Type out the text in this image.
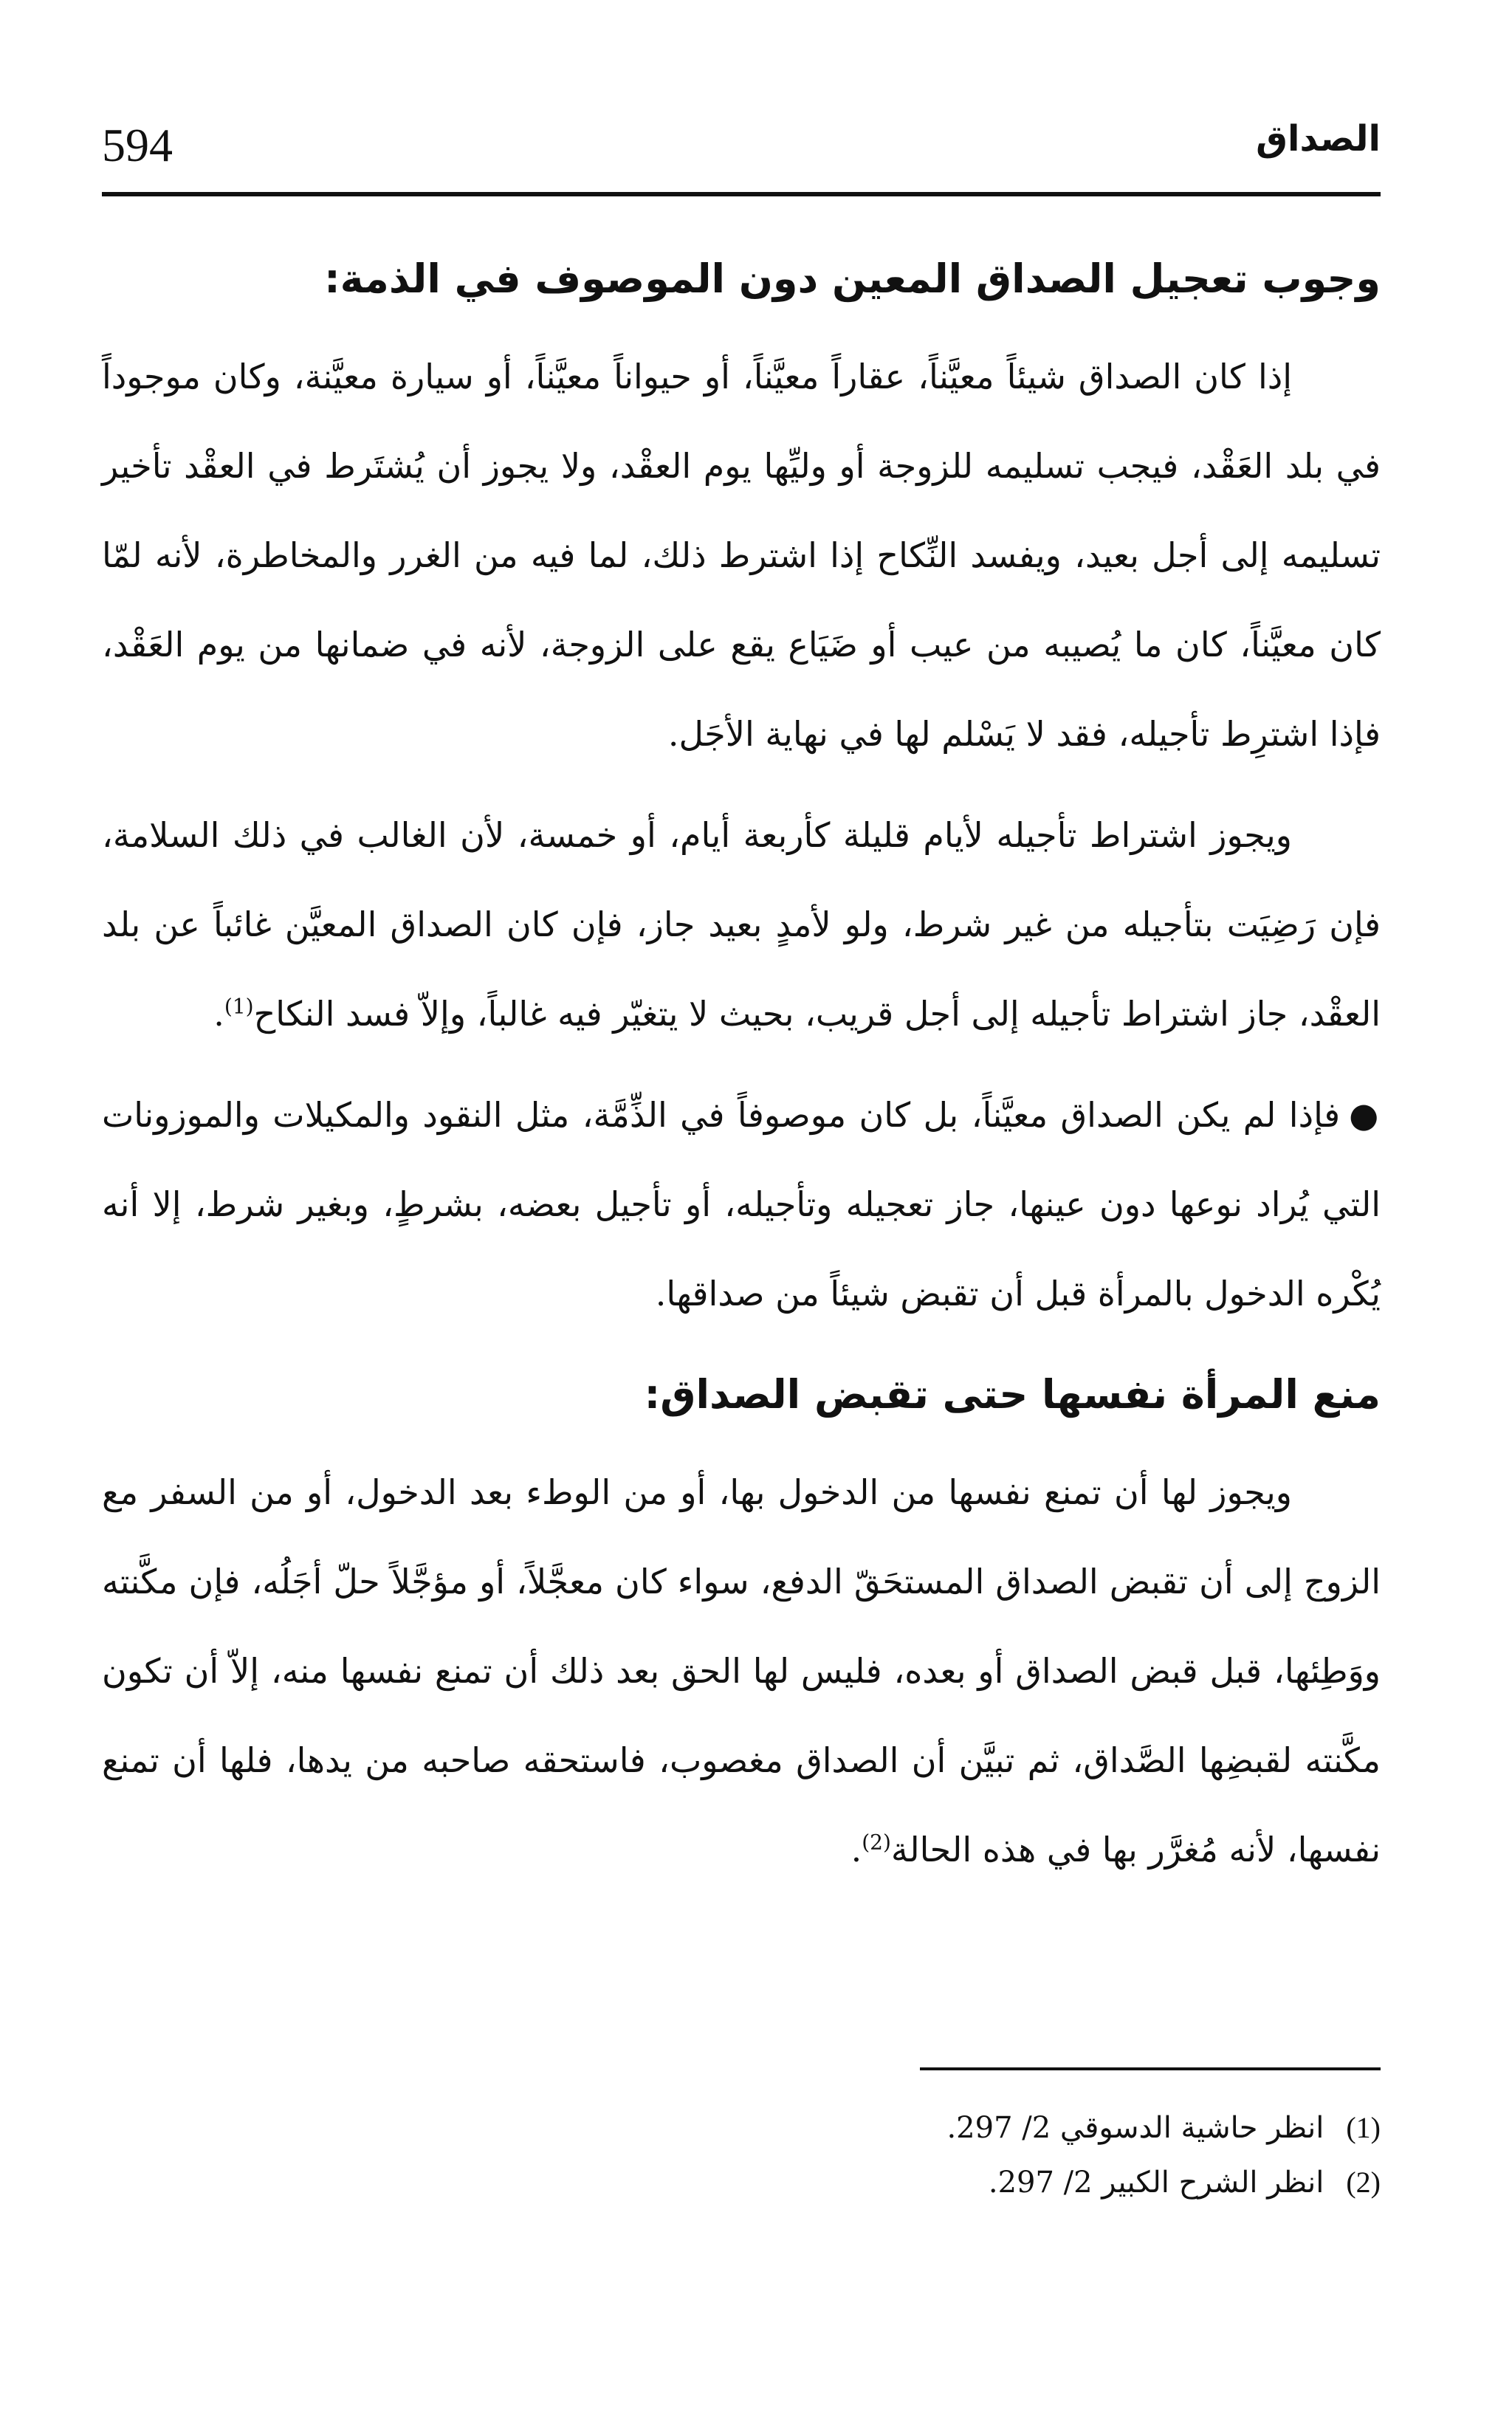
594	الصداق
وجوب تعجيل الصداق المعين دون الموصوف في الذمة:

إذا كان الصداق شيئاً معيَّناً، عقاراً معيَّناً، أو حيواناً معيَّناً، أو سيارة معيَّنة، وكان موجوداً في بلد العَقْد، فيجب تسليمه للزوجة أو وليِّها يوم العقْد، ولا يجوز أن يُشتَرط في العقْد تأخير تسليمه إلى أجل بعيد، ويفسد النِّكاح إذا اشترط ذلك، لما فيه من الغرر والمخاطرة، لأنه لمّا كان معيَّناً، كان ما يُصيبه من عيب أو ضَيَاع يقع على الزوجة، لأنه في ضمانها من يوم العَقْد، فإذا اشترِط تأجيله، فقد لا يَسْلم لها في نهاية الأجَل.

ويجوز اشتراط تأجيله لأيام قليلة كأربعة أيام، أو خمسة، لأن الغالب في ذلك السلامة، فإن رَضِيَت بتأجيله من غير شرط، ولو لأمدٍ بعيد جاز، فإن كان الصداق المعيَّن غائباً عن بلد العقْد، جاز اشتراط تأجيله إلى أجل قريب، بحيث لا يتغيّر فيه غالباً، وإلاّ فسد النكاح$^{(1)}$.

●فإذا لم يكن الصداق معيَّناً، بل كان موصوفاً في الذِّمَّة، مثل النقود والمكيلات والموزونات التي يُراد نوعها دون عينها، جاز تعجيله وتأجيله، أو تأجيل بعضه، بشرطٍ، وبغير شرط، إلا أنه يُكْره الدخول بالمرأة قبل أن تقبض شيئاً من صداقها.

منع المرأة نفسها حتى تقبض الصداق:

ويجوز لها أن تمنع نفسها من الدخول بها، أو من الوطء بعد الدخول، أو من السفر مع الزوج إلى أن تقبض الصداق المستحَقّ الدفع، سواء كان معجَّلاً، أو مؤجَّلاً حلّ أجَلُه، فإن مكَّنته ووَطِئها، قبل قبض الصداق أو بعده، فليس لها الحق بعد ذلك أن تمنع نفسها منه، إلاّ أن تكون مكَّنته لقبضِها الصَّداق، ثم تبيَّن أن الصداق مغصوب، فاستحقه صاحبه من يدها، فلها أن تمنع نفسها، لأنه مُغرَّر بها في هذه الحالة$^{(2)}$.

(1)انظر حاشية الدسوقي 2/ 297.
(2)انظر الشرح الكبير 2/ 297.
